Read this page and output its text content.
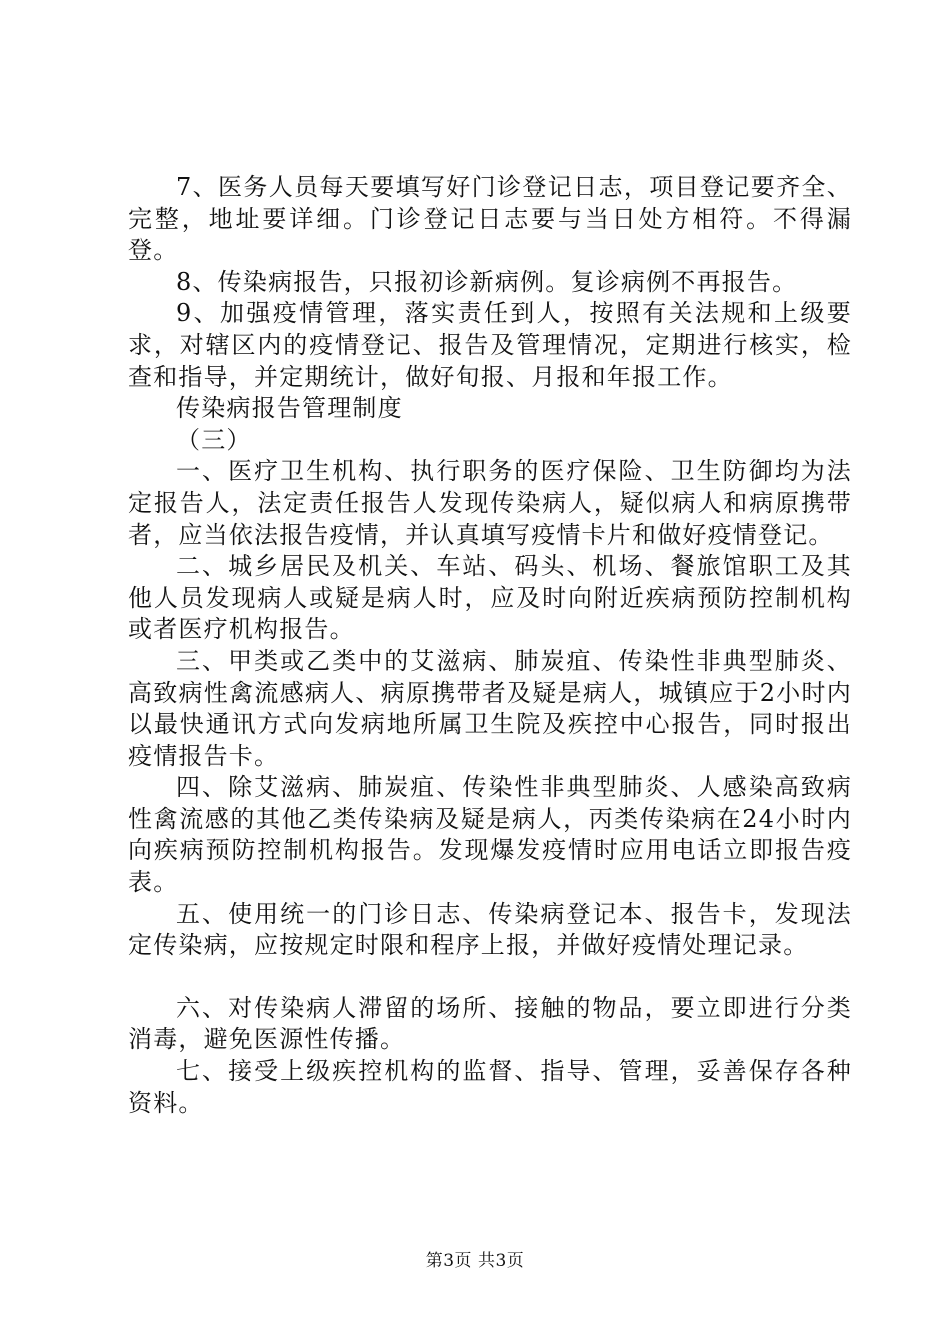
7、医务人员每天要填写好门诊登记日志，项目登记要齐全、完整，地址要详细。门诊登记日志要与当日处方相符。不得漏登。

8、传染病报告，只报初诊新病例。复诊病例不再报告。

9、加强疫情管理，落实责任到人，按照有关法规和上级要求，对辖区内的疫情登记、报告及管理情况，定期进行核实，检查和指导，并定期统计，做好旬报、月报和年报工作。

传染病报告管理制度

（三）

一、医疗卫生机构、执行职务的医疗保险、卫生防御均为法定报告人，法定责任报告人发现传染病人，疑似病人和病原携带者，应当依法报告疫情，并认真填写疫情卡片和做好疫情登记。

二、城乡居民及机关、车站、码头、机场、餐旅馆职工及其他人员发现病人或疑是病人时，应及时向附近疾病预防控制机构或者医疗机构报告。

三、甲类或乙类中的艾滋病、肺炭疽、传染性非典型肺炎、高致病性禽流感病人、病原携带者及疑是病人，城镇应于2小时内以最快通讯方式向发病地所属卫生院及疾控中心报告，同时报出疫情报告卡。

四、除艾滋病、肺炭疽、传染性非典型肺炎、人感染高致病性禽流感的其他乙类传染病及疑是病人，丙类传染病在24小时内向疾病预防控制机构报告。发现爆发疫情时应用电话立即报告疫表。

五、使用统一的门诊日志、传染病登记本、报告卡，发现法定传染病，应按规定时限和程序上报，并做好疫情处理记录。

六、对传染病人滞留的场所、接触的物品，要立即进行分类消毒，避免医源性传播。

七、接受上级疾控机构的监督、指导、管理，妥善保存各种资料。

第3页 共3页
